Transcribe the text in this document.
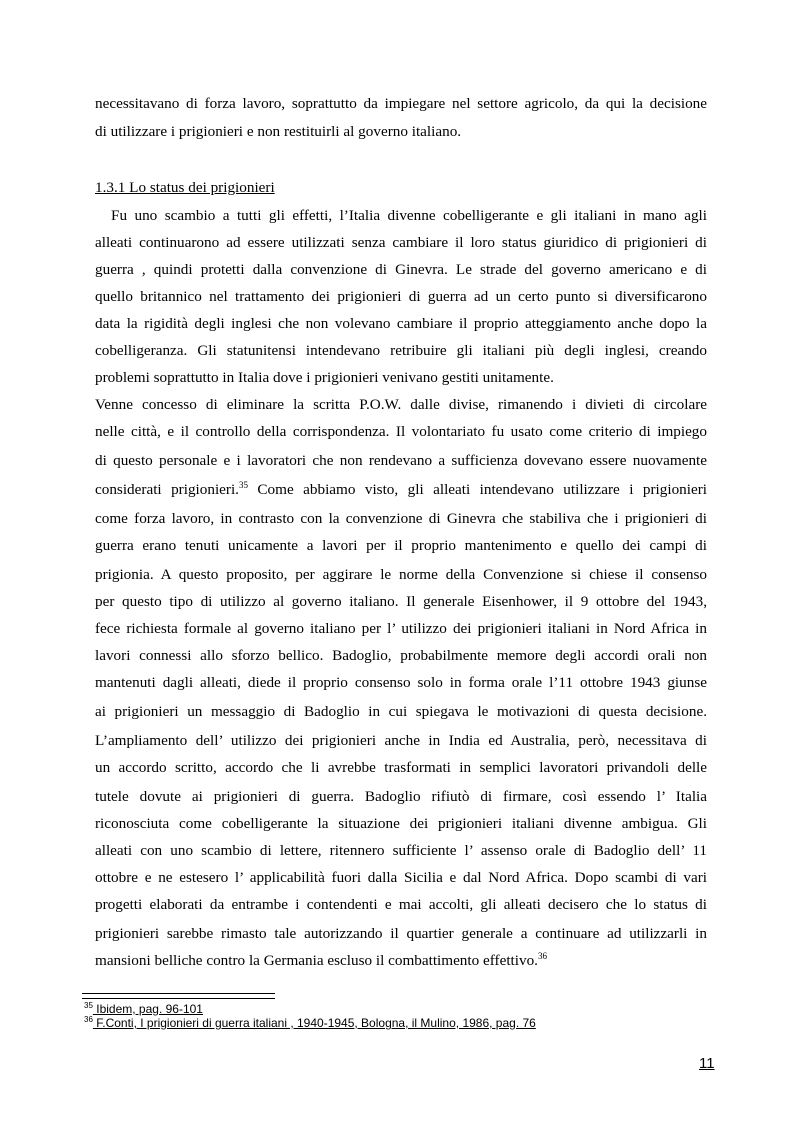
necessitavano di forza lavoro, soprattutto da impiegare nel settore agricolo, da qui la decisione
di utilizzare i prigionieri e non restituirli al governo italiano.
1.3.1 Lo status dei prigionieri
Fu uno scambio a tutti gli effetti, l’Italia divenne cobelligerante e gli italiani in mano agli
alleati continuarono ad essere utilizzati senza cambiare il loro status giuridico di prigionieri di
guerra , quindi protetti dalla convenzione di Ginevra. Le strade del governo americano e di
quello britannico nel trattamento dei prigionieri di guerra ad un certo punto si diversificarono
data la rigidità degli inglesi che non volevano cambiare il proprio atteggiamento anche dopo la
cobelligeranza. Gli statunitensi intendevano retribuire gli italiani più degli inglesi, creando
problemi soprattutto in Italia dove i prigionieri venivano gestiti unitamente.
Venne concesso di eliminare la scritta P.O.W. dalle divise, rimanendo i divieti di circolare
nelle città, e il controllo della corrispondenza. Il volontariato fu usato come criterio di impiego
di questo personale e i lavoratori che non rendevano a sufficienza dovevano essere nuovamente
considerati prigionieri.$^{35}$ Come abbiamo visto, gli alleati intendevano utilizzare i prigionieri
come forza lavoro, in contrasto con la convenzione di Ginevra che stabiliva che i prigionieri di
guerra erano tenuti unicamente a lavori per il proprio mantenimento e quello dei campi di
prigionia. A questo proposito, per aggirare le norme della Convenzione si chiese il consenso
per questo tipo di utilizzo al governo italiano. Il generale Eisenhower, il 9 ottobre del 1943,
fece richiesta formale al governo italiano per l’ utilizzo dei prigionieri italiani in Nord Africa in
lavori connessi allo sforzo bellico. Badoglio, probabilmente memore degli accordi orali non
mantenuti dagli alleati, diede il proprio consenso solo in forma orale l’11 ottobre 1943 giunse
ai prigionieri un messaggio di Badoglio in cui spiegava le motivazioni di questa decisione.
L’ampliamento dell’ utilizzo dei prigionieri anche in India ed Australia, però, necessitava di
un accordo scritto, accordo che li avrebbe trasformati in semplici lavoratori privandoli delle
tutele dovute ai prigionieri di guerra. Badoglio rifiutò di firmare, così essendo l’ Italia
riconosciuta come cobelligerante la situazione dei prigionieri italiani divenne ambigua. Gli
alleati con uno scambio di lettere, ritennero sufficiente l’ assenso orale di Badoglio dell’ 11
ottobre e ne estesero l’ applicabilità fuori dalla Sicilia e dal Nord Africa. Dopo scambi di vari
progetti elaborati da entrambe i contendenti e mai accolti, gli alleati decisero che lo status di
prigionieri sarebbe rimasto tale autorizzando il quartier generale a continuare ad utilizzarli in
mansioni belliche contro la Germania escluso il combattimento effettivo.$^{36}$
$^{35}$ Ibidem, pag. 96-101
$^{36}$ F.Conti, I prigionieri di guerra italiani , 1940-1945, Bologna, il Mulino, 1986, pag. 76
11
